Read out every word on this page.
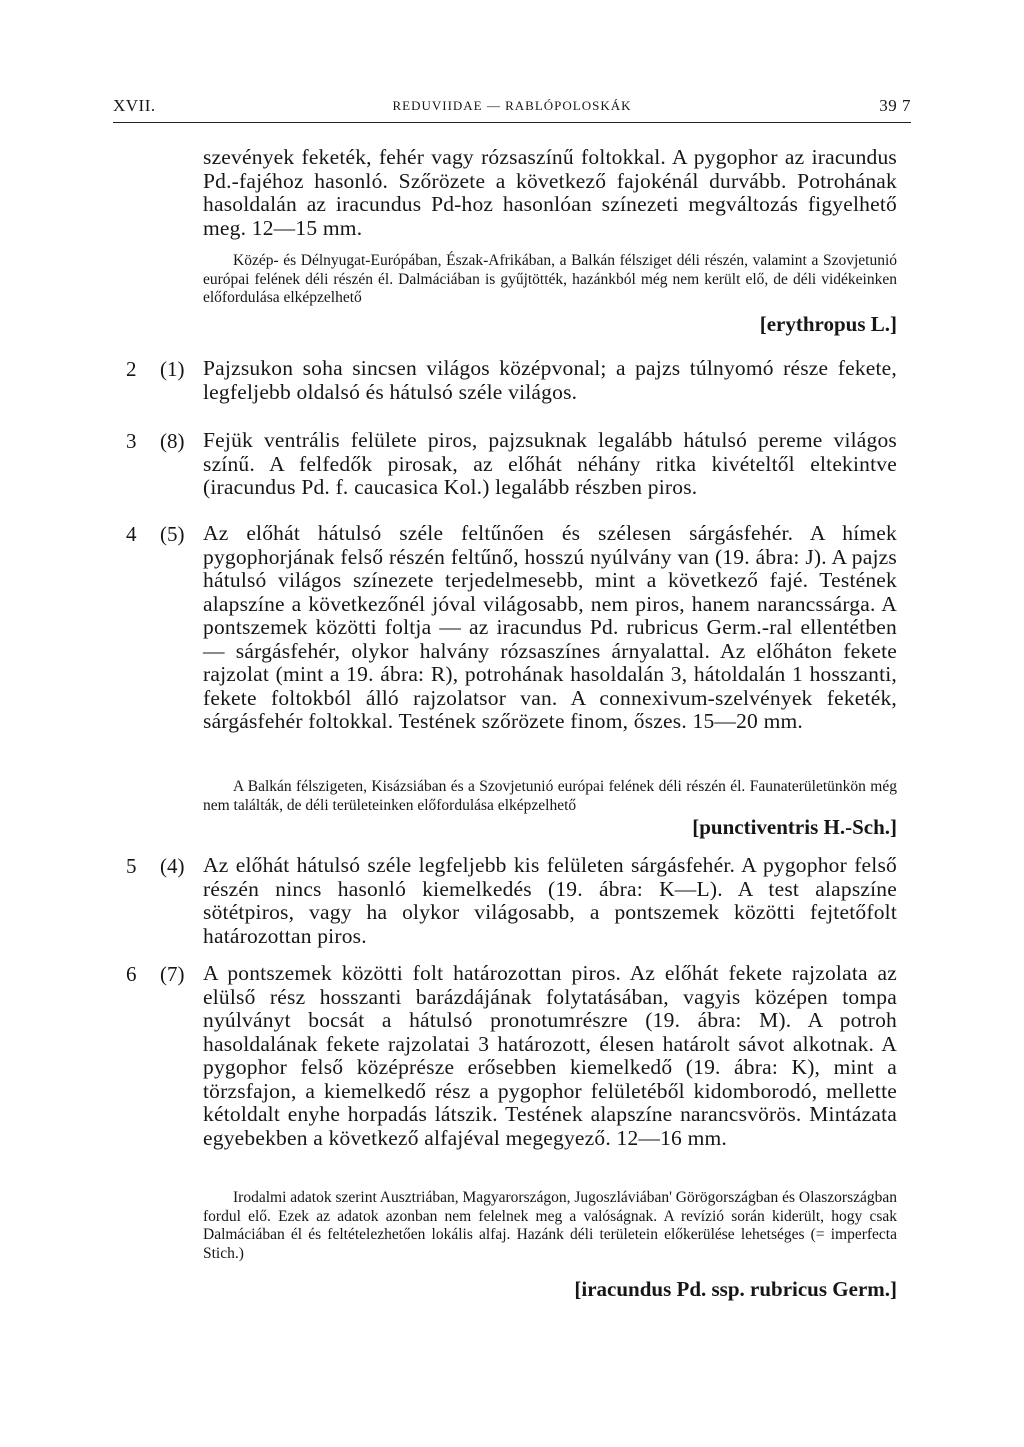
XVII.	REDUVIIDAE — RABLÓPOLOSKÁK	39 7
szevények feketék, fehér vagy rózsaszínű foltokkal. A pygophor az iracundus Pd.-fajéhoz hasonló. Szőrözete a következő fajokénál durvább. Potrohának hasoldalán az iracundus Pd-hoz hasonlóan színezeti megváltozás figyelhető meg. 12—15 mm.
Közép- és Délnyugat-Európában, Észak-Afrikában, a Balkán félsziget déli részén, valamint a Szovjetunió európai felének déli részén él. Dalmáciában is gyűjtötték, hazánkból még nem került elő, de déli vidékeinken előfordulása elképzelhető
[erythropus L.]
2 (1) Pajzsukon soha sincsen világos középvonal; a pajzs túlnyomó része fekete, legfeljebb oldalsó és hátulsó széle világos.
3 (8) Fejük ventrális felülete piros, pajzsuknak legalább hátulsó pereme világos színű. A felfedők pirosak, az előhát néhány ritka kivételtől eltekintve (iracundus Pd. f. caucasica Kol.) legalább részben piros.
4 (5) Az előhát hátulsó széle feltűnően és szélesen sárgásfehér. A hímek pygophorjának felső részén feltűnő, hosszú nyúlvány van (19. ábra: J). A pajzs hátulsó világos színezete terjedelmesebb, mint a következő fajé. Testének alapszíne a következőnél jóval világosabb, nem piros, hanem narancssárga. A pontszemek közötti foltja — az iracundus Pd. rubricus Germ.-ral ellentétben — sárgásfehér, olykor halvány rózsaszínes árnyalattal. Az előháton fekete rajzolat (mint a 19. ábra: R), potrohának hasoldalán 3, hátoldalán 1 hosszanti, fekete foltokból álló rajzolatsor van. A connexivum-szelvények feketék, sárgásfehér foltokkal. Testének szőrözete finom, őszes. 15—20 mm.
A Balkán félszigeten, Kisázsiában és a Szovjetunió európai felének déli részén él. Faunaterületünkön még nem találták, de déli területeinken előfordulása elképzelhető
[punctiventris H.-Sch.]
5 (4) Az előhát hátulsó széle legfeljebb kis felületen sárgásfehér. A pygophor felső részén nincs hasonló kiemelkedés (19. ábra: K—L). A test alapszíne sötétpiros, vagy ha olykor világosabb, a pontszemek közötti fejtetőfolt határozottan piros.
6 (7) A pontszemek közötti folt határozottan piros. Az előhát fekete rajzolata az elülső rész hosszanti barázdájának folytatásában, vagyis középen tompa nyúlványt bocsát a hátulsó pronotumrészre (19. ábra: M). A potroh hasoldalának fekete rajzolatai 3 határozott, élesen határolt sávot alkotnak. A pygophor felső középrésze erősebben kiemelkedő (19. ábra: K), mint a törzsfajon, a kiemelkedő rész a pygophor felületéből kidomborodó, mellette kétoldalt enyhe horpadás látszik. Testének alapszíne narancsvörös. Mintázata egyebekben a következő alfajéval megegyező. 12—16 mm.
Irodalmi adatok szerint Ausztriában, Magyarországon, Jugoszláviában' Görögországban és Olaszországban fordul elő. Ezek az adatok azonban nem felelnek meg a valóságnak. A revízió során kiderült, hogy csak Dalmáciában él és feltételezhetően lokális alfaj. Hazánk déli területein előkerülése lehetséges (= imperfecta Stich.)
[iracundus Pd. ssp. rubricus Germ.]
